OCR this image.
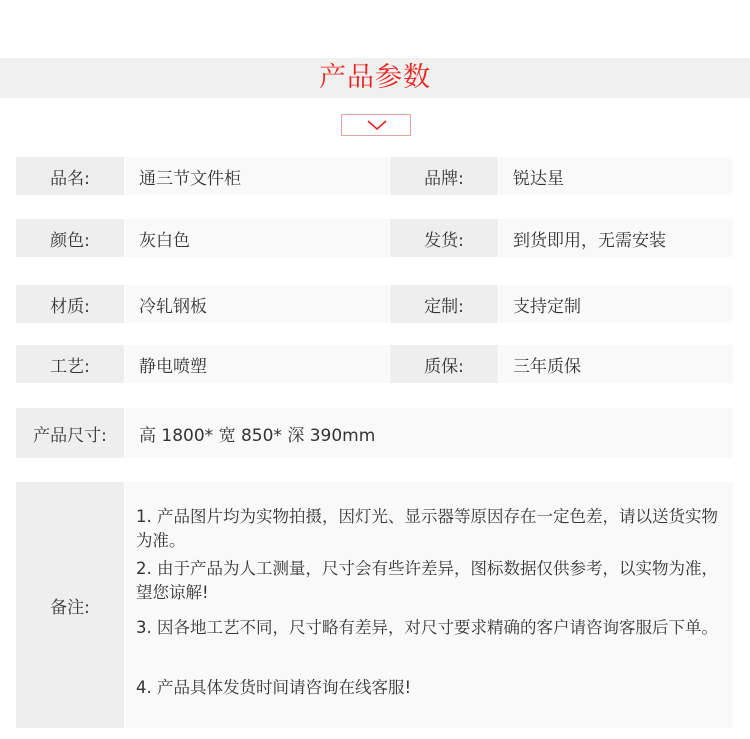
产品参数
品名:	通三节文件柜	品牌:	锐达星
颜色:	灰白色	发货:	到货即用，无需安装
材质:	冷轧钢板	定制:	支持定制
工艺:	静电喷塑	质保:	三年质保
产品尺寸:	高 1800* 宽 850* 深 390mm
备注:
1. 产品图片均为实物拍摄，因灯光、显示器等原因存在一定色差，请以送货实物为准。
2. 由于产品为人工测量，尺寸会有些许差异，图标数据仅供参考，以实物为准，望您谅解!
3. 因各地工艺不同，尺寸略有差异，对尺寸要求精确的客户请咨询客服后下单。
4. 产品具体发货时间请咨询在线客服!
